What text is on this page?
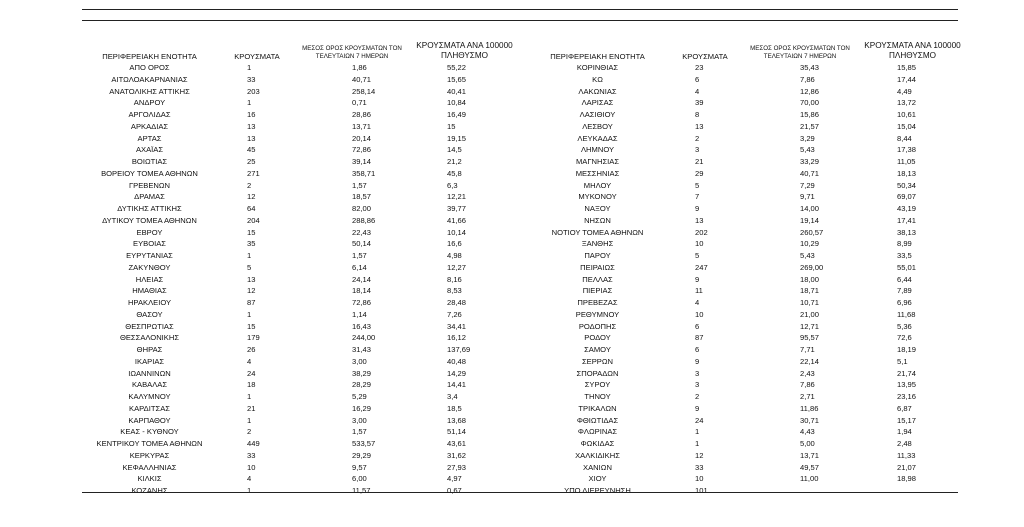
ΠΕΡΙΦΕΡΕΙΑΚΗ ΕΝΟΤΗΤΑ	ΚΡΟΥΣΜΑΤΑ	ΜΕΣΟΣ ΟΡΟΣ ΚΡΟΥΣΜΑΤΩΝ ΤΟΝ ΤΕΛΕΥΤΑΙΩΝ 7 ΗΜΕΡΩΝ	ΚΡΟΥΣΜΑΤΑ ΑΝΑ 100000 ΠΛΗΘΥΣΜΟ
ΑΠΟ ΟΡΟΣ	1	1,86	55,22
ΑΙΤΩΛΟΑΚΑΡΝΑΝΙΑΣ	33	40,71	15,65
ΑΝΑΤΟΛΙΚΗΣ ΑΤΤΙΚΗΣ	203	258,14	40,41
ΑΝΔΡΟΥ	1	0,71	10,84
ΑΡΓΟΛΙΔΑΣ	16	28,86	16,49
ΑΡΚΑΔΙΑΣ	13	13,71	15
ΑΡΤΑΣ	13	20,14	19,15
ΑΧΑΪΑΣ	45	72,86	14,5
ΒΟΙΩΤΙΑΣ	25	39,14	21,2
ΒΟΡΕΙΟΥ ΤΟΜΕΑ ΑΘΗΝΩΝ	271	358,71	45,8
ΓΡΕΒΕΝΩΝ	2	1,57	6,3
ΔΡΑΜΑΣ	12	18,57	12,21
ΔΥΤΙΚΗΣ ΑΤΤΙΚΗΣ	64	82,00	39,77
ΔΥΤΙΚΟΥ ΤΟΜΕΑ ΑΘΗΝΩΝ	204	288,86	41,66
ΕΒΡΟΥ	15	22,43	10,14
ΕΥΒΟΙΑΣ	35	50,14	16,6
ΕΥΡΥΤΑΝΙΑΣ	1	1,57	4,98
ΖΑΚΥΝΘΟΥ	5	6,14	12,27
ΗΛΕΙΑΣ	13	24,14	8,16
ΗΜΑΘΙΑΣ	12	18,14	8,53
ΗΡΑΚΛΕΙΟΥ	87	72,86	28,48
ΘΑΣΟΥ	1	1,14	7,26
ΘΕΣΠΡΩΤΙΑΣ	15	16,43	34,41
ΘΕΣΣΑΛΟΝΙΚΗΣ	179	244,00	16,12
ΘΗΡΑΣ	26	31,43	137,69
ΙΚΑΡΙΑΣ	4	3,00	40,48
ΙΩΑΝΝΙΝΩΝ	24	38,29	14,29
ΚΑΒΑΛΑΣ	18	28,29	14,41
ΚΑΛΥΜΝΟΥ	1	5,29	3,4
ΚΑΡΔΙΤΣΑΣ	21	16,29	18,5
ΚΑΡΠΑΘΟΥ	1	3,00	13,68
ΚΕΑΣ - ΚΥΘΝΟΥ	2	1,57	51,14
ΚΕΝΤΡΙΚΟΥ ΤΟΜΕΑ ΑΘΗΝΩΝ	449	533,57	43,61
ΚΕΡΚΥΡΑΣ	33	29,29	31,62
ΚΕΦΑΛΛΗΝΙΑΣ	10	9,57	27,93
ΚΙΛΚΙΣ	4	6,00	4,97
ΚΟΖΑΝΗΣ	1	11,57	0,67
ΠΕΡΙΦΕΡΕΙΑΚΗ ΕΝΟΤΗΤΑ	ΚΡΟΥΣΜΑΤΑ	ΜΕΣΟΣ ΟΡΟΣ ΚΡΟΥΣΜΑΤΩΝ ΤΟΝ ΤΕΛΕΥΤΑΙΩΝ 7 ΗΜΕΡΩΝ	ΚΡΟΥΣΜΑΤΑ ΑΝΑ 100000 ΠΛΗΘΥΣΜΟ
ΚΟΡΙΝΘΙΑΣ	23	35,43	15,85
ΚΩ	6	7,86	17,44
ΛΑΚΩΝΙΑΣ	4	12,86	4,49
ΛΑΡΙΣΑΣ	39	70,00	13,72
ΛΑΣΙΘΙΟΥ	8	15,86	10,61
ΛΕΣΒΟΥ	13	21,57	15,04
ΛΕΥΚΑΔΑΣ	2	3,29	8,44
ΛΗΜΝΟΥ	3	5,43	17,38
ΜΑΓΝΗΣΙΑΣ	21	33,29	11,05
ΜΕΣΣΗΝΙΑΣ	29	40,71	18,13
ΜΗΛΟΥ	5	7,29	50,34
ΜΥΚΟΝΟΥ	7	9,71	69,07
ΝΑΞΟΥ	9	14,00	43,19
ΝΗΣΩΝ	13	19,14	17,41
ΝΟΤΙΟΥ ΤΟΜΕΑ ΑΘΗΝΩΝ	202	260,57	38,13
ΞΑΝΘΗΣ	10	10,29	8,99
ΠΑΡΟΥ	5	5,43	33,5
ΠΕΙΡΑΙΩΣ	247	269,00	55,01
ΠΕΛΛΑΣ	9	18,00	6,44
ΠΙΕΡΙΑΣ	11	18,71	7,89
ΠΡΕΒΕΖΑΣ	4	10,71	6,96
ΡΕΘΥΜΝΟΥ	10	21,00	11,68
ΡΟΔΟΠΗΣ	6	12,71	5,36
ΡΟΔΟΥ	87	95,57	72,6
ΣΑΜΟΥ	6	7,71	18,19
ΣΕΡΡΩΝ	9	22,14	5,1
ΣΠΟΡΑΔΩΝ	3	2,43	21,74
ΣΥΡΟΥ	3	7,86	13,95
ΤΗΝΟΥ	2	2,71	23,16
ΤΡΙΚΑΛΩΝ	9	11,86	6,87
ΦΘΙΩΤΙΔΑΣ	24	30,71	15,17
ΦΛΩΡΙΝΑΣ	1	4,43	1,94
ΦΩΚΙΔΑΣ	1	5,00	2,48
ΧΑΛΚΙΔΙΚΗΣ	12	13,71	11,33
ΧΑΝΙΩΝ	33	49,57	21,07
ΧΙΟΥ	10	11,00	18,98
ΥΠΟ ΔΙΕΡΕΥΝΗΣΗ	101		
